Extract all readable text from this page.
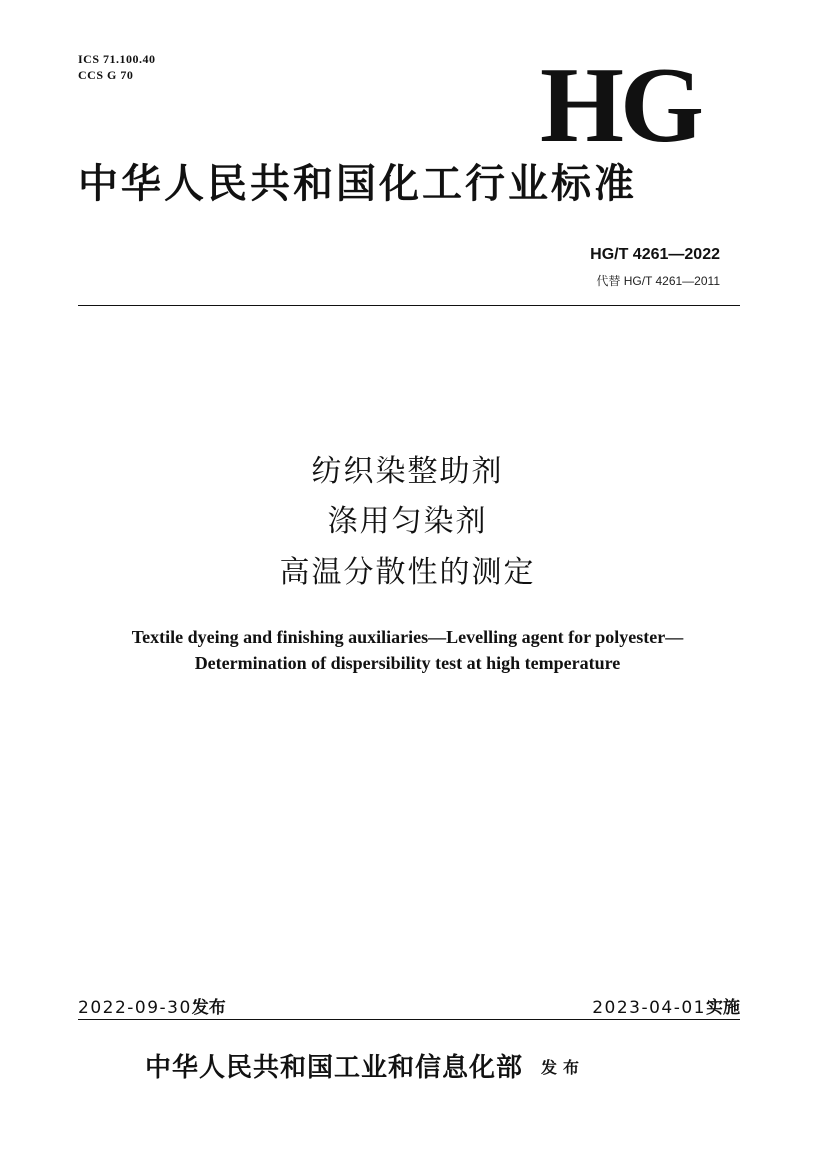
ICS 71.100.40
CCS G 70	HG
中华人民共和国化工行业标准
HG/T 4261—2022
代替 HG/T 4261—2011
纺织染整助剂
涤用匀染剂
高温分散性的测定
Textile dyeing and finishing auxiliaries—Levelling agent for polyester—
Determination of dispersibility test at high temperature
2022-09-30发布	2023-04-01实施
中华人民共和国工业和信息化部 发布
